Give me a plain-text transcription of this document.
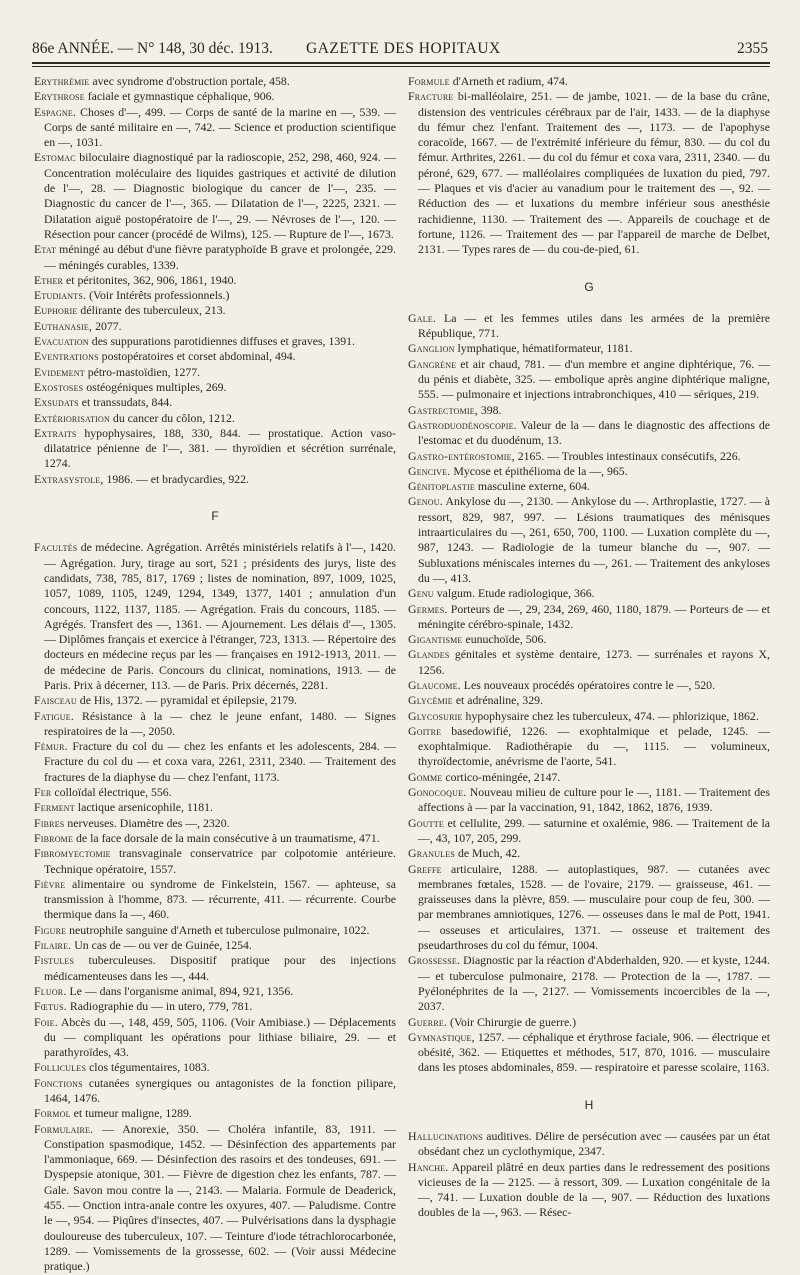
86e ANNÉE. — N° 148, 30 déc. 1913. GAZETTE DES HOPITAUX	2355

Erythrémie avec syndrome d'obstruction portale, 458.

Erythrose faciale et gymnastique céphalique, 906.

Espagne. Choses d'—, 499. — Corps de santé de la marine en —, 539. — Corps de santé militaire en —, 742. — Science et production scientifique en —, 1031.

Estomac biloculaire diagnostiqué par la radioscopie, 252, 298, 460, 924. — Concentration moléculaire des liquides gastriques et activité de dilution de l'—, 28. — Diagnostic biologique du cancer de l'—, 235. — Diagnostic du cancer de l'—, 365. — Dilatation de l'—, 2225, 2321. — Dilatation aiguë postopératoire de l'—, 29. — Névroses de l'—, 120. — Résection pour cancer (procédé de Wilms), 125. — Rupture de l'—, 1673.

Etat méningé au début d'une fièvre paratyphoïde B grave et prolongée, 229. — méningés curables, 1339.

Ether et péritonites, 362, 906, 1861, 1940.

Etudiants. (Voir Intérêts professionnels.)

Euphorie délirante des tuberculeux, 213.

Euthanasie, 2077.

Evacuation des suppurations parotidiennes diffuses et graves, 1391.

Eventrations postopératoires et corset abdominal, 494.

Evidement pétro-mastoïdien, 1277.

Exostoses ostéogéniques multiples, 269.

Exsudats et transsudats, 844.

Extériorisation du cancer du côlon, 1212.

Extraits hypophysaires, 188, 330, 844. — prostatique. Action vaso-dilatatrice pénienne de l'—, 381. — thyroïdien et sécrétion surrénale, 1274.

Extrasystole, 1986. — et bradycardies, 922.

F

Facultés de médecine. Agrégation. Arrêtés ministériels relatifs à l'—, 1420. — Agrégation. Jury, tirage au sort, 521 ; présidents des jurys, liste des candidats, 738, 785, 817, 1769 ; listes de nomination, 897, 1009, 1025, 1057, 1089, 1105, 1249, 1294, 1349, 1377, 1401 ; annulation d'un concours, 1122, 1137, 1185. — Agrégation. Frais du concours, 1185. — Agrégés. Transfert des —, 1361. — Ajournement. Les délais d'—, 1305. — Diplômes français et exercice à l'étranger, 723, 1313. — Répertoire des docteurs en médecine reçus par les — françaises en 1912-1913, 2011. — de médecine de Paris. Concours du clinicat, nominations, 1913. — de Paris. Prix à décerner, 113. — de Paris. Prix décernés, 2281.

Faisceau de His, 1372. — pyramidal et épilepsie, 2179.

Fatigue. Résistance à la — chez le jeune enfant, 1480. — Signes respiratoires de la —, 2050.

Fémur. Fracture du col du — chez les enfants et les adolescents, 284. — Fracture du col du — et coxa vara, 2261, 2311, 2340. — Traitement des fractures de la diaphyse du — chez l'enfant, 1173.

Fer colloïdal électrique, 556.

Ferment lactique arsenicophile, 1181.

Fibres nerveuses. Diamètre des —, 2320.

Fibrome de la face dorsale de la main consécutive à un traumatisme, 471.

Fibromyectomie transvaginale conservatrice par colpotomie antérieure. Technique opératoire, 1557.

Fièvre alimentaire ou syndrome de Finkelstein, 1567. — aphteuse, sa transmission à l'homme, 873. — récurrente, 411. — récurrente. Courbe thermique dans la —, 460.

Figure neutrophile sanguine d'Arneth et tuberculose pulmonaire, 1022.

Filaire. Un cas de — ou ver de Guinée, 1254.

Fistules tuberculeuses. Dispositif pratique pour des injections médicamenteuses dans les —, 444.

Fluor. Le — dans l'organisme animal, 894, 921, 1356.

Fœtus. Radiographie du — in utero, 779, 781.

Foie. Abcès du —, 148, 459, 505, 1106. (Voir Amibiase.) — Déplacements du — compliquant les opérations pour lithiase biliaire, 29. — et parathyroïdes, 43.

Follicules clos tégumentaires, 1083.

Fonctions cutanées synergiques ou antagonistes de la fonction pilipare, 1464, 1476.

Formol et tumeur maligne, 1289.

Formulaire. — Anorexie, 350. — Choléra infantile, 83, 1911. — Constipation spasmodique, 1452. — Désinfection des appartements par l'ammoniaque, 669. — Désinfection des rasoirs et des tondeuses, 691. — Dyspepsie atonique, 301. — Fièvre de digestion chez les enfants, 787. — Gale. Savon mou contre la —, 2143. — Malaria. Formule de Deaderick, 455. — Onction intra-anale contre les oxyures, 407. — Paludisme. Contre le —, 954. — Piqûres d'insectes, 407. — Pulvérisations dans la dysphagie douloureuse des tuberculeux, 107. — Teinture d'iode tétrachlorocarbonée, 1289. — Vomissements de la grossesse, 602. — (Voir aussi Médecine pratique.)

Formule d'Arneth et radium, 474.

Fracture bi-malléolaire, 251. — de jambe, 1021. — de la base du crâne, distension des ventricules cérébraux par de l'air, 1433. — de la diaphyse du fémur chez l'enfant. Traitement des —, 1173. — de l'apophyse coracoïde, 1667. — de l'extrémité inférieure du fémur, 830. — du col du fémur. Arthrites, 2261. — du col du fémur et coxa vara, 2311, 2340. — du péroné, 629, 677. — malléolaires compliquées de luxation du pied, 797. — Plaques et vis d'acier au vanadium pour le traitement des —, 92. — Réduction des — et luxations du membre inférieur sous anesthésie rachidienne, 1130. — Traitement des —. Appareils de couchage et de fortune, 1126. — Traitement des — par l'appareil de marche de Delbet, 2131. — Types rares de — du cou-de-pied, 61.

G

Gale. La — et les femmes utiles dans les armées de la première République, 771.

Ganglion lymphatique, hématiformateur, 1181.

Gangrène et air chaud, 781. — d'un membre et angine diphtérique, 76. — du pénis et diabète, 325. — embolique après angine diphtérique maligne, 555. — pulmonaire et injections intrabronchiques, 410 — sériques, 219.

Gastrectomie, 398.

Gastroduodénoscopie. Valeur de la — dans le diagnostic des affections de l'estomac et du duodénum, 13.

Gastro-entérostomie, 2165. — Troubles intestinaux consécutifs, 226.

Gencive. Mycose et épithélioma de la —, 965.

Génitoplastie masculine externe, 604.

Genou. Ankylose du —, 2130. — Ankylose du —. Arthroplastie, 1727. — à ressort, 829, 987, 997. — Lésions traumatiques des ménisques intraarticulaires du —, 261, 650, 700, 1100. — Luxation complète du —, 987, 1243. — Radiologie de la tumeur blanche du —, 907. — Subluxations méniscales internes du —, 261. — Traitement des ankyloses du —, 413.

Genu valgum. Etude radiologique, 366.

Germes. Porteurs de —, 29, 234, 269, 460, 1180, 1879. — Porteurs de — et méningite cérébro-spinale, 1432.

Gigantisme eunuchoïde, 506.

Glandes génitales et système dentaire, 1273. — surrénales et rayons X, 1256.

Glaucome. Les nouveaux procédés opératoires contre le —, 520.

Glycémie et adrénaline, 329.

Glycosurie hypophysaire chez les tuberculeux, 474. — phlorizique, 1862.

Goitre basedowifié, 1226. — exophtalmique et pelade, 1245. — exophtalmique. Radiothérapie du —, 1115. — volumineux, thyroïdectomie, anévrisme de l'aorte, 541.

Gomme cortico-méningée, 2147.

Gonocoque. Nouveau milieu de culture pour le —, 1181. — Traitement des affections à — par la vaccination, 91, 1842, 1862, 1876, 1939.

Goutte et cellulite, 299. — saturnine et oxalémie, 986. — Traitement de la —, 43, 107, 205, 299.

Granules de Much, 42.

Greffe articulaire, 1288. — autoplastiques, 987. — cutanées avec membranes fœtales, 1528. — de l'ovaire, 2179. — graisseuse, 461. — graisseuses dans la plèvre, 859. — musculaire pour coup de feu, 300. — par membranes amniotiques, 1276. — osseuses dans le mal de Pott, 1941. — osseuses et articulaires, 1371. — osseuse et traitement des pseudarthroses du col du fémur, 1004.

Grossesse. Diagnostic par la réaction d'Abderhalden, 920. — et kyste, 1244. — et tuberculose pulmonaire, 2178. — Protection de la —, 1787. — Pyélonéphrites de la —, 2127. — Vomissements incoercibles de la —, 2037.

Guerre. (Voir Chirurgie de guerre.)

Gymnastique, 1257. — céphalique et érythrose faciale, 906. — électrique et obésité, 362. — Etiquettes et méthodes, 517, 870, 1016. — musculaire dans les ptoses abdominales, 859. — respiratoire et paresse scolaire, 1163.

H

Hallucinations auditives. Délire de persécution avec — causées par un état obsédant chez un cyclothymique, 2347.

Hanche. Appareil plâtré en deux parties dans le redressement des positions vicieuses de la — 2125. — à ressort, 309. — Luxation congénitale de la —, 741. — Luxation double de la —, 907. — Réduction des luxations doubles de la —, 963. — Résec-
